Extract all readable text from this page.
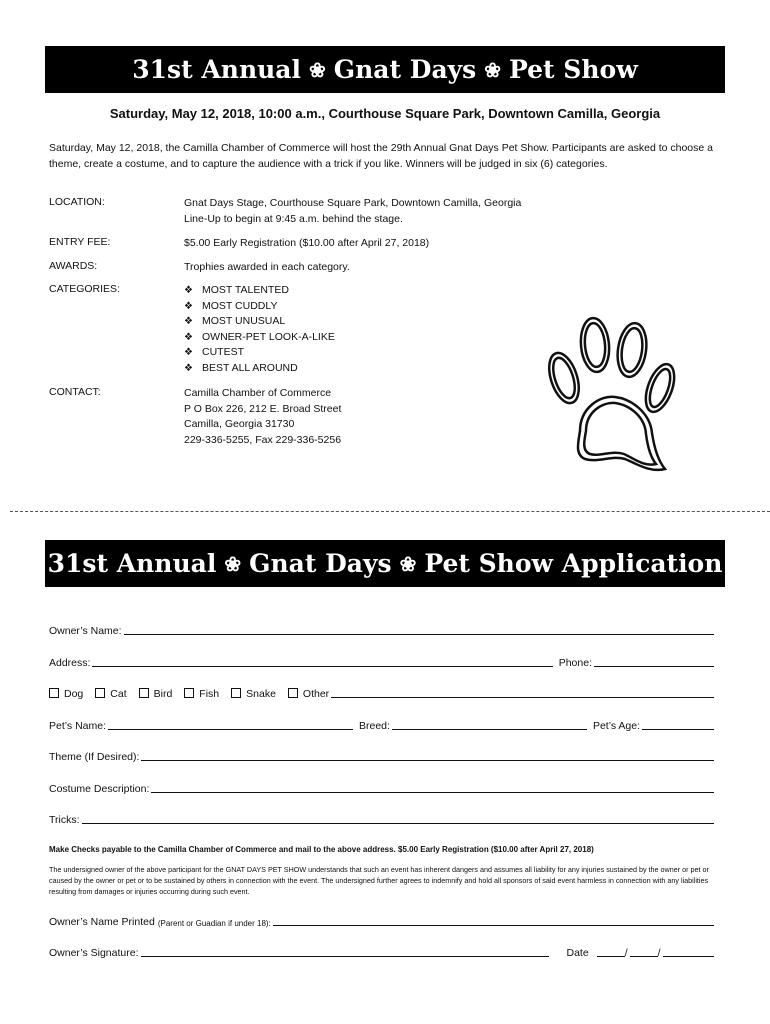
31st Annual ❀ Gnat Days ❀ Pet Show
Saturday, May 12, 2018, 10:00 a.m., Courthouse Square Park, Downtown Camilla, Georgia
Saturday, May 12, 2018, the Camilla Chamber of Commerce will host the 29th Annual Gnat Days Pet Show. Participants are asked to choose a theme, create a costume, and to capture the audience with a trick if you like. Winners will be judged in six (6) categories.
LOCATION:	Gnat Days Stage, Courthouse Square Park, Downtown Camilla, Georgia
Line-Up to begin at 9:45 a.m. behind the stage.
ENTRY FEE:	$5.00 Early Registration ($10.00 after April 27, 2018)
AWARDS:	Trophies awarded in each category.
CATEGORIES:	❖ MOST TALENTED
❖ MOST CUDDLY
❖ MOST UNUSUAL
❖ OWNER-PET LOOK-A-LIKE
❖ CUTEST
❖ BEST ALL AROUND
CONTACT:	Camilla Chamber of Commerce
P O Box 226, 212 E. Broad Street
Camilla, Georgia 31730
229-336-5255, Fax 229-336-5256
31st Annual ❀ Gnat Days ❀ Pet Show Application
Owner’s Name:
Address:	Phone:
Dog	Cat	Bird	Fish	Snake	Other
Pet’s Name:	Breed:	Pet’s Age:
Theme (If Desired):
Costume Description:
Tricks:
Make Checks payable to the Camilla Chamber of Commerce and mail to the above address. $5.00 Early Registration ($10.00 after April 27, 2018)
The undersigned owner of the above participant for the GNAT DAYS PET SHOW understands that such an event has inherent dangers and assumes all liability for any injuries sustained by the owner or pet or caused by the owner or pet or to be sustained by others in connection with the event. The undersigned further agrees to indemnify and hold all sponsors of said event harmless in connection with any liabilities resulting from damages or injuries occurring during such event.
Owner’s Name Printed (Parent or Guadian if under 18):
Owner’s Signature:	Date	/	/
